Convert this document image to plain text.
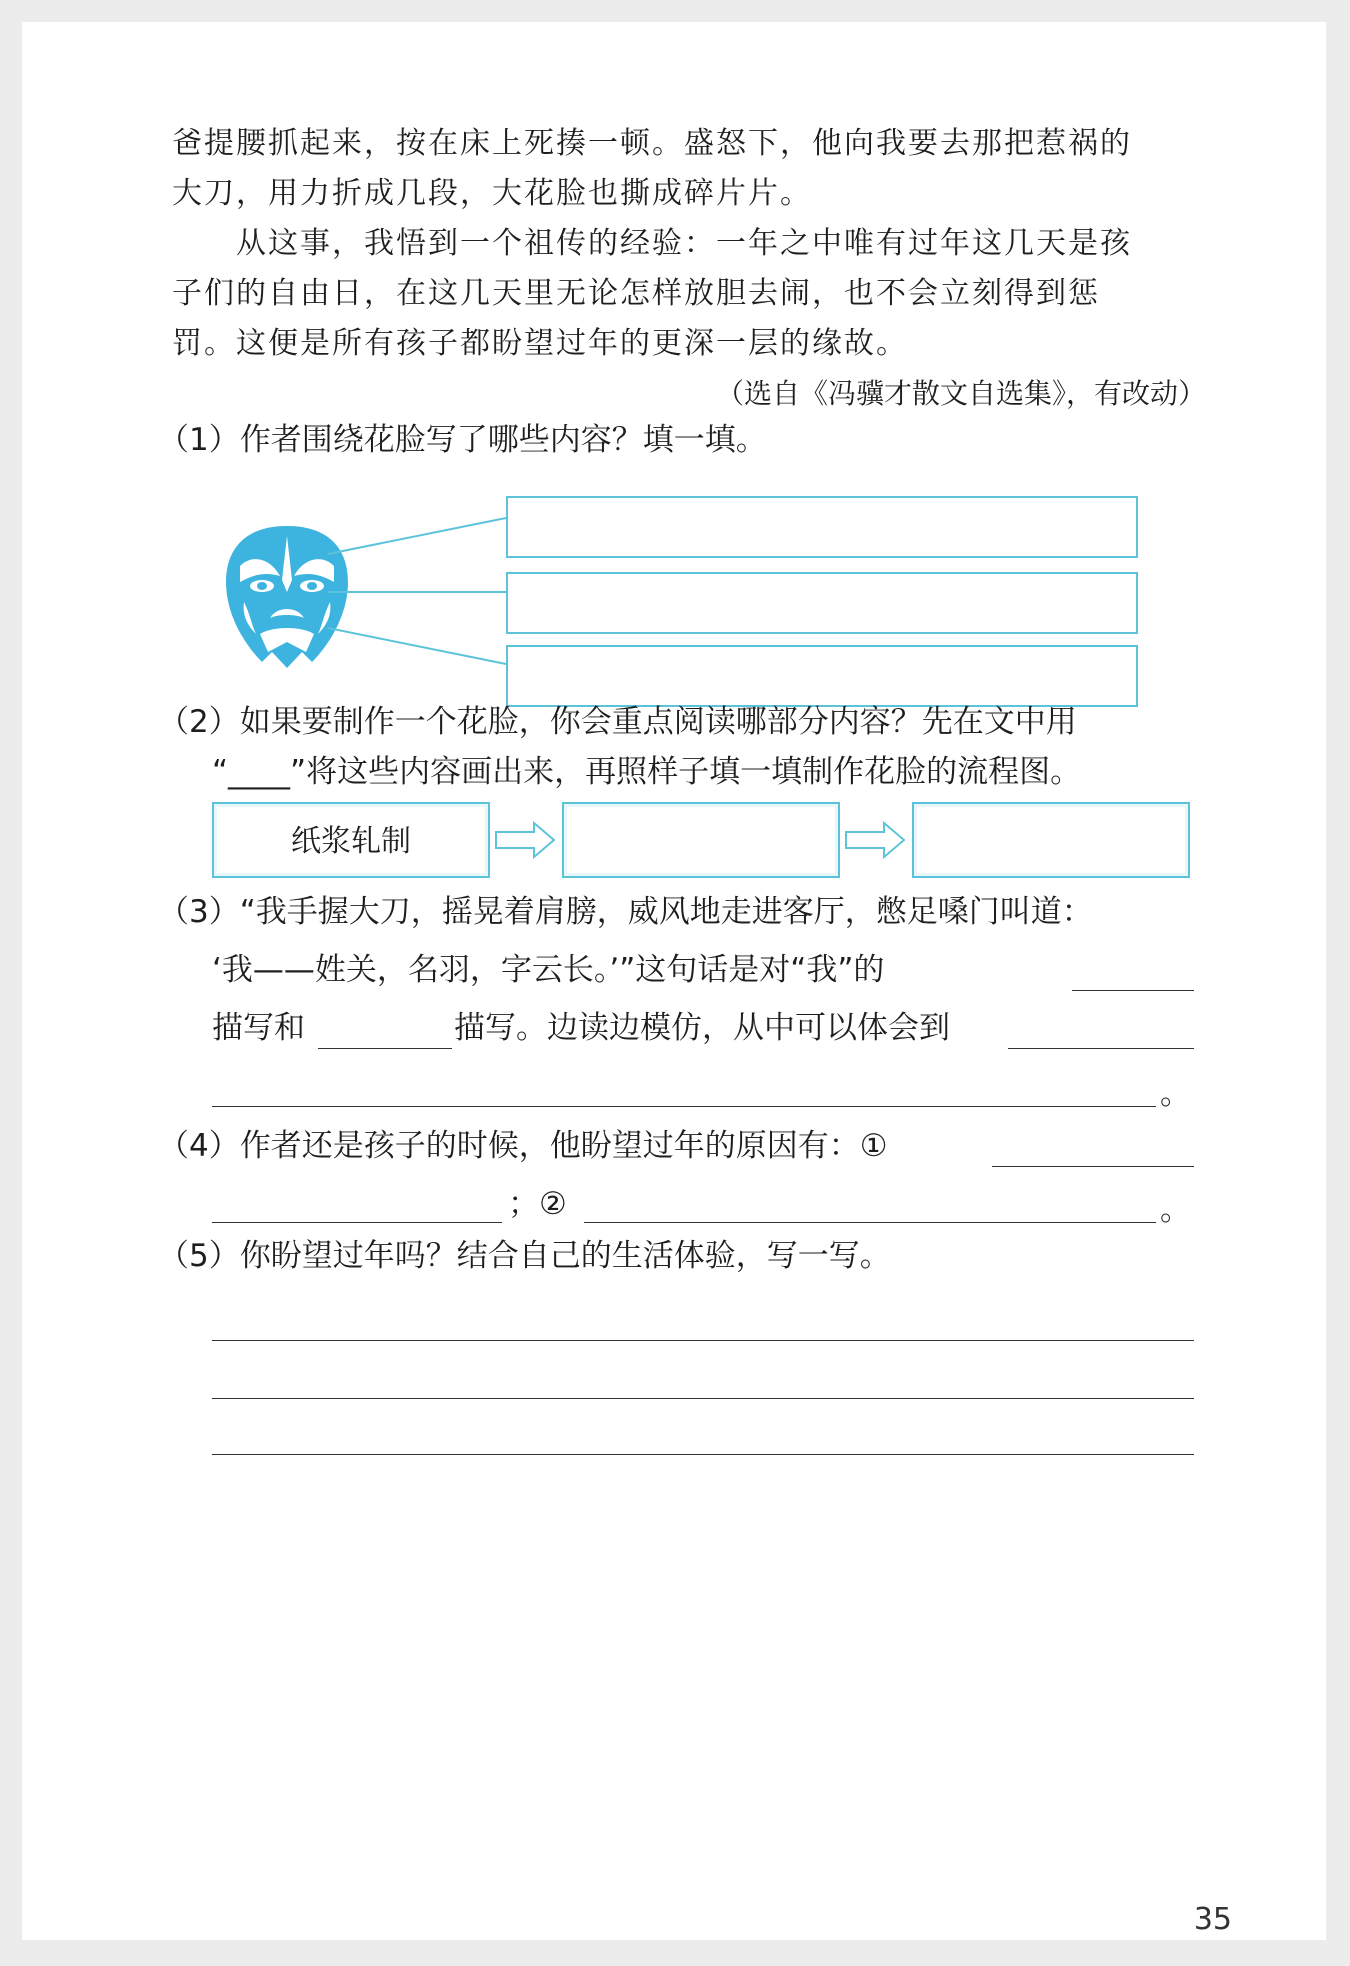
爸提腰抓起来，按在床上死揍一顿。盛怒下，他向我要去那把惹祸的
大刀，用力折成几段，大花脸也撕成碎片片。
　　从这事，我悟到一个祖传的经验：一年之中唯有过年这几天是孩
子们的自由日，在这几天里无论怎样放胆去闹，也不会立刻得到惩
罚。这便是所有孩子都盼望过年的更深一层的缘故。
（选自《冯骥才散文自选集》，有改动）
（1）作者围绕花脸写了哪些内容？填一填。
（2）如果要制作一个花脸，你会重点阅读哪部分内容？先在文中用
“____”将这些内容画出来，再照样子填一填制作花脸的流程图。
纸浆轧制
（3）“我手握大刀，摇晃着肩膀，威风地走进客厅，憋足嗓门叫道：
‘我——姓关，名羽，字云长。’”这句话是对“我”的
描写和	描写。边读边模仿，从中可以体会到
。
（4）作者还是孩子的时候，他盼望过年的原因有：①
；②	。
（5）你盼望过年吗？结合自己的生活体验，写一写。
35
